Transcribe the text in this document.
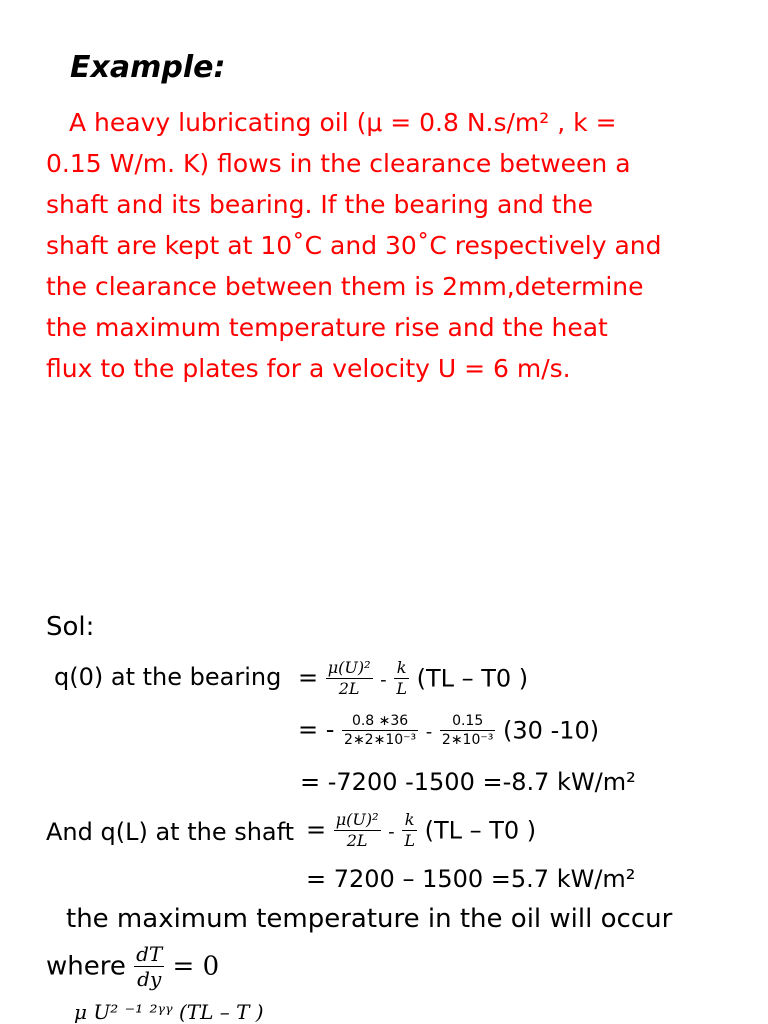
Example:
A heavy lubricating oil (μ = 0.8 N.s/m² , k =
0.15 W/m. K) flows in the clearance between a
shaft and its bearing. If the bearing and the
shaft are kept at 10˚C and 30˚C respectively and
the clearance between them is 2mm,determine
the maximum temperature rise and the heat
flux to the plates for a velocity U = 6 m/s.
Sol:
q(0) at the bearing = $\frac{\text{μ(U)²}}{2L} - \frac{k}{L} (TL - T0$ )
= - $\frac{0.8 ∗36}{\text{2∗2∗10⁻³}} - \frac{0.15}{\text{2∗10⁻³}} (30$ -10)
= -7200 -1500 =-8.7 kW/m²
And q(L) at the shaft = $\frac{\text{μ(U)²}}{2L} - \frac{k}{L} (TL - T0$ )
= 7200 – 1500 =5.7 kW/m²
the maximum temperature in the oil will occur
where $\frac{dT}{dy} = 0$
μ U² ⁻¹ ²ᵞᵞ (TL – T )
